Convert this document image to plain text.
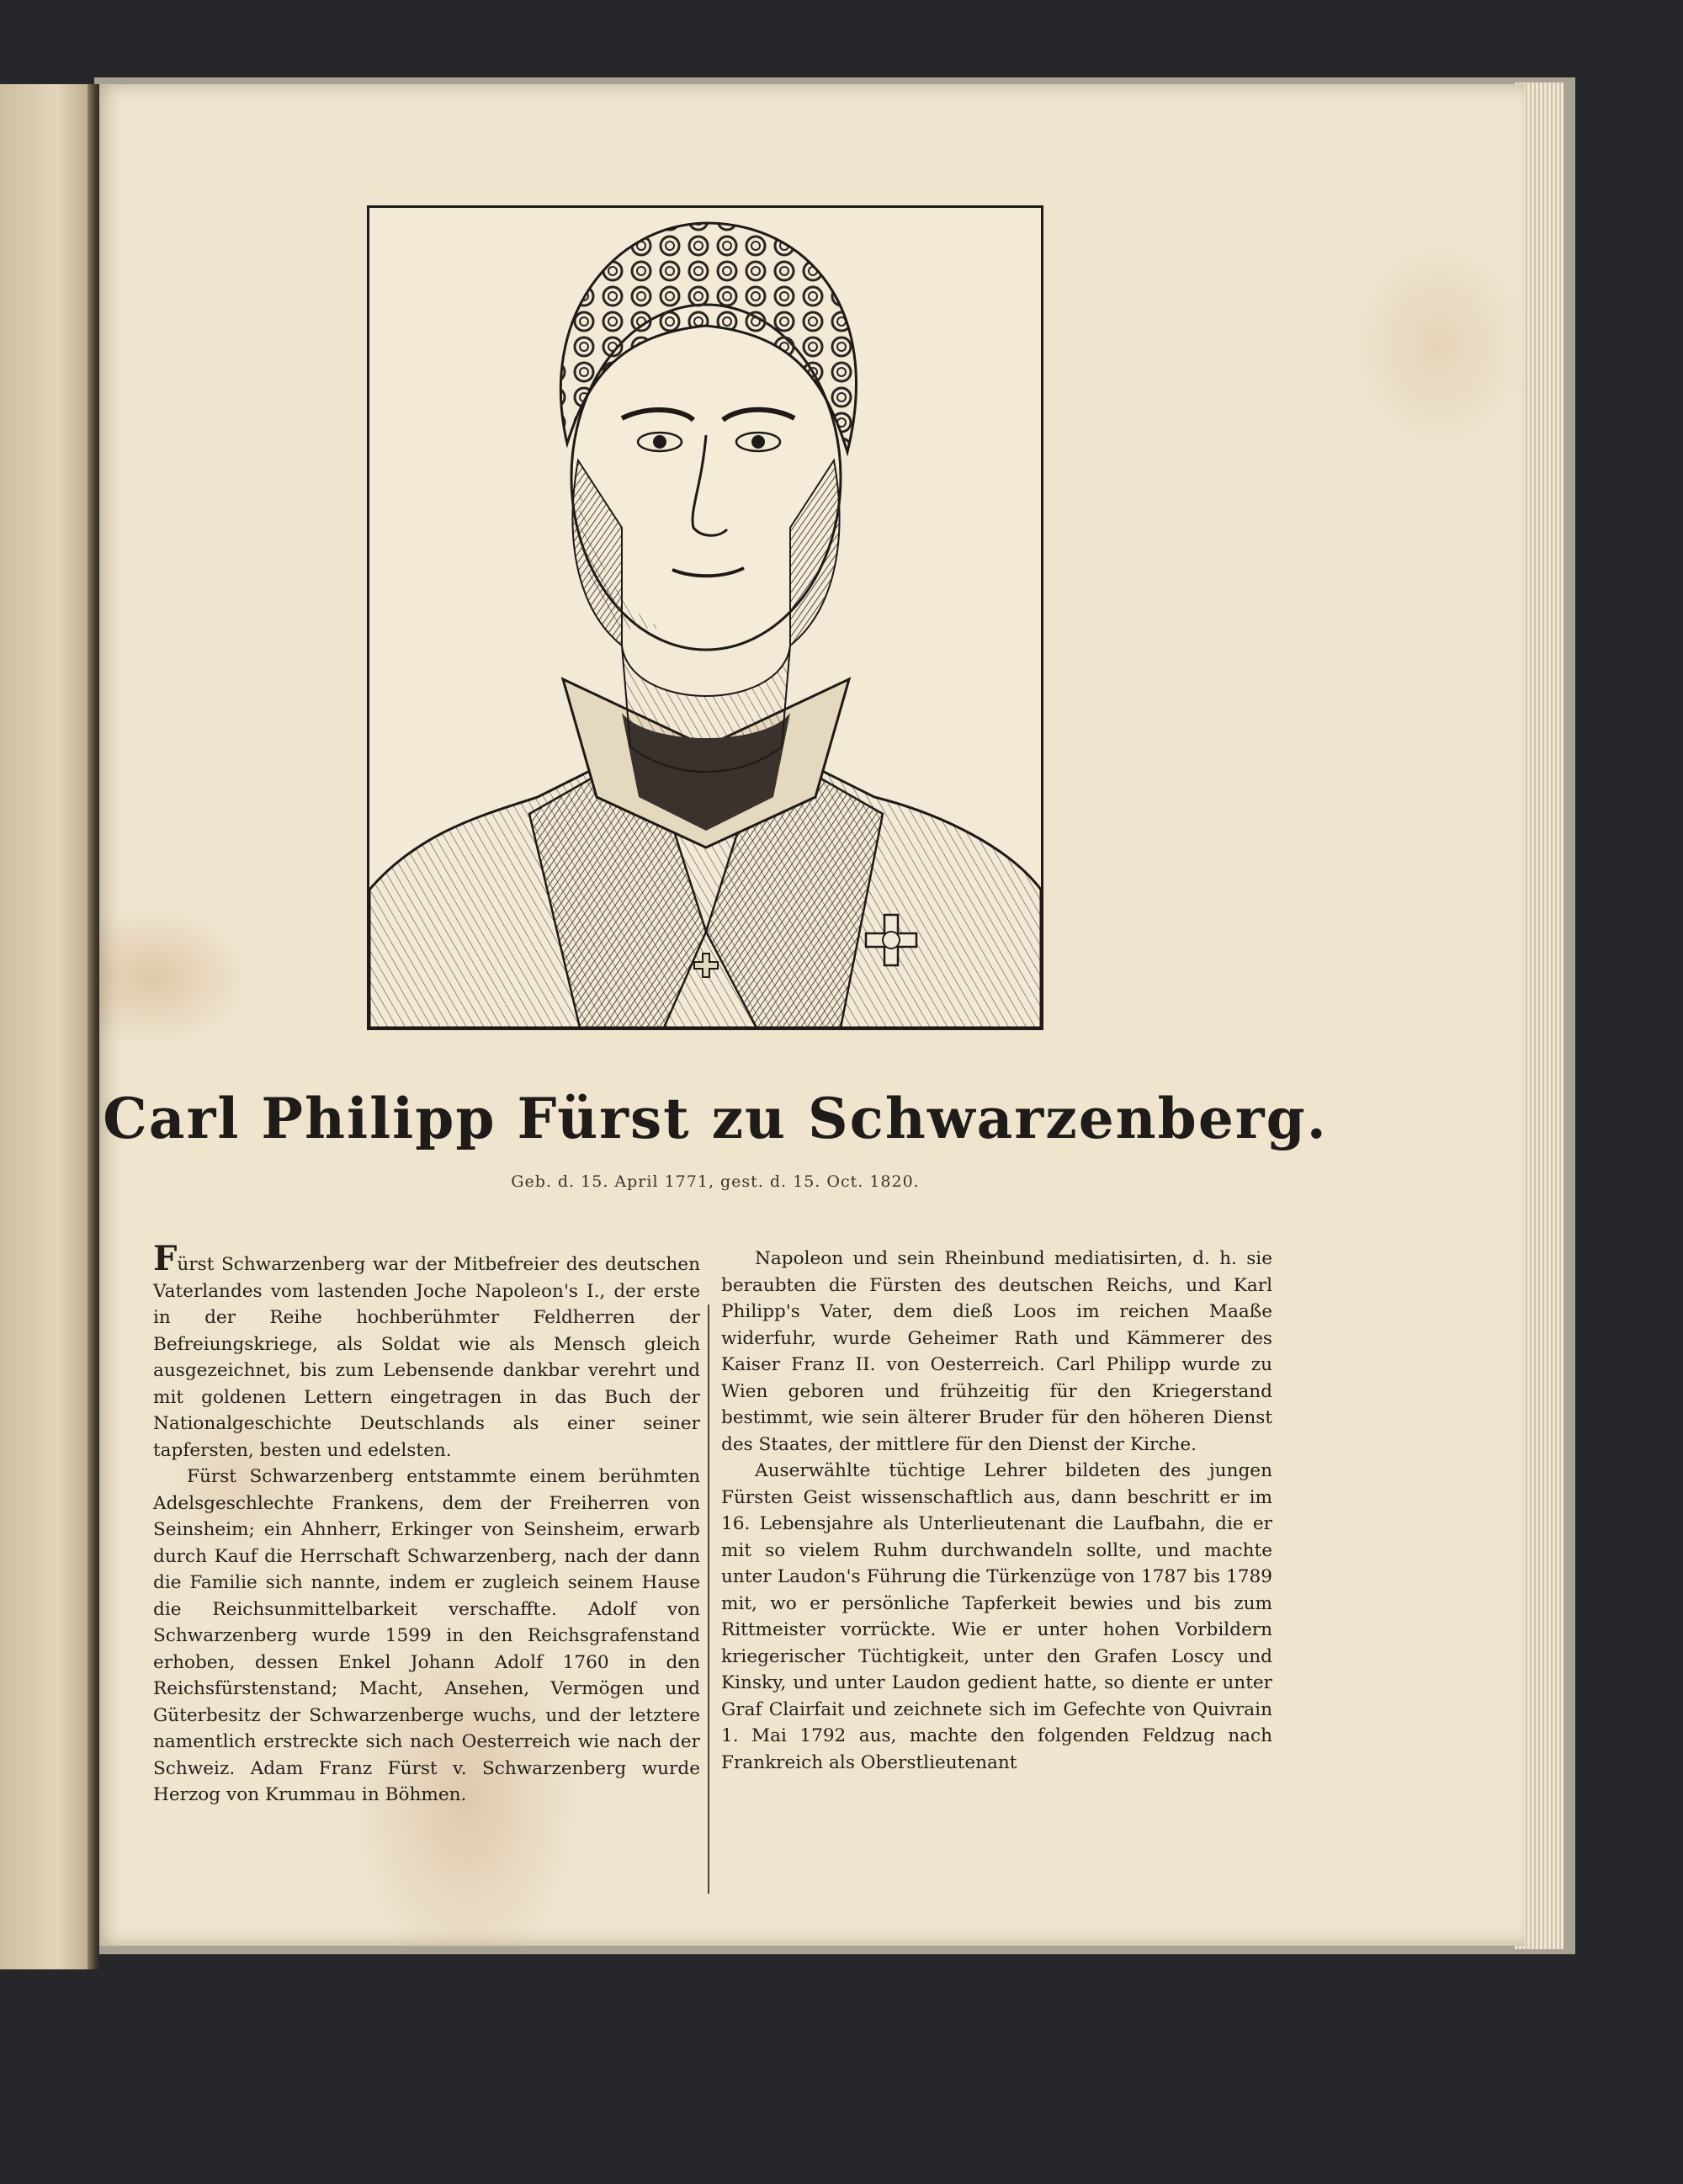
Carl Philipp Fürst zu Schwarzenberg.
Geb. d. 15. April 1771, gest. d. 15. Oct. 1820.

Fürst Schwarzenberg war der Mitbefreier des deutschen Vaterlandes vom lastenden Joche Napoleon's I., der erste in der Reihe hochberühmter Feldherren der Befreiungskriege, als Soldat wie als Mensch gleich ausgezeichnet, bis zum Lebensende dankbar verehrt und mit goldenen Lettern eingetragen in das Buch der Nationalgeschichte Deutschlands als einer seiner tapfersten, besten und edelsten.

Fürst Schwarzenberg entstammte einem berühmten Adelsgeschlechte Frankens, dem der Freiherren von Seinsheim; ein Ahnherr, Erkinger von Seinsheim, erwarb durch Kauf die Herrschaft Schwarzenberg, nach der dann die Familie sich nannte, indem er zugleich seinem Hause die Reichsunmittelbarkeit verschaffte. Adolf von Schwarzenberg wurde 1599 in den Reichsgrafenstand erhoben, dessen Enkel Johann Adolf 1760 in den Reichsfürstenstand; Macht, Ansehen, Vermögen und Güterbesitz der Schwarzenberge wuchs, und der letztere namentlich erstreckte sich nach Oesterreich wie nach der Schweiz. Adam Franz Fürst v. Schwarzenberg wurde Herzog von Krummau in Böhmen.

Napoleon und sein Rheinbund mediatisirten, d. h. sie beraubten die Fürsten des deutschen Reichs, und Karl Philipp's Vater, dem dieß Loos im reichen Maaße widerfuhr, wurde Geheimer Rath und Kämmerer des Kaiser Franz II. von Oesterreich. Carl Philipp wurde zu Wien geboren und frühzeitig für den Kriegerstand bestimmt, wie sein älterer Bruder für den höheren Dienst des Staates, der mittlere für den Dienst der Kirche.

Auserwählte tüchtige Lehrer bildeten des jungen Fürsten Geist wissenschaftlich aus, dann beschritt er im 16. Lebensjahre als Unterlieutenant die Laufbahn, die er mit so vielem Ruhm durchwandeln sollte, und machte unter Laudon's Führung die Türkenzüge von 1787 bis 1789 mit, wo er persönliche Tapferkeit bewies und bis zum Rittmeister vorrückte. Wie er unter hohen Vorbildern kriegerischer Tüchtigkeit, unter den Grafen Loscy und Kinsky, und unter Laudon gedient hatte, so diente er unter Graf Clairfait und zeichnete sich im Gefechte von Quivrain 1. Mai 1792 aus, machte den folgenden Feldzug nach Frankreich als Oberstlieutenant
